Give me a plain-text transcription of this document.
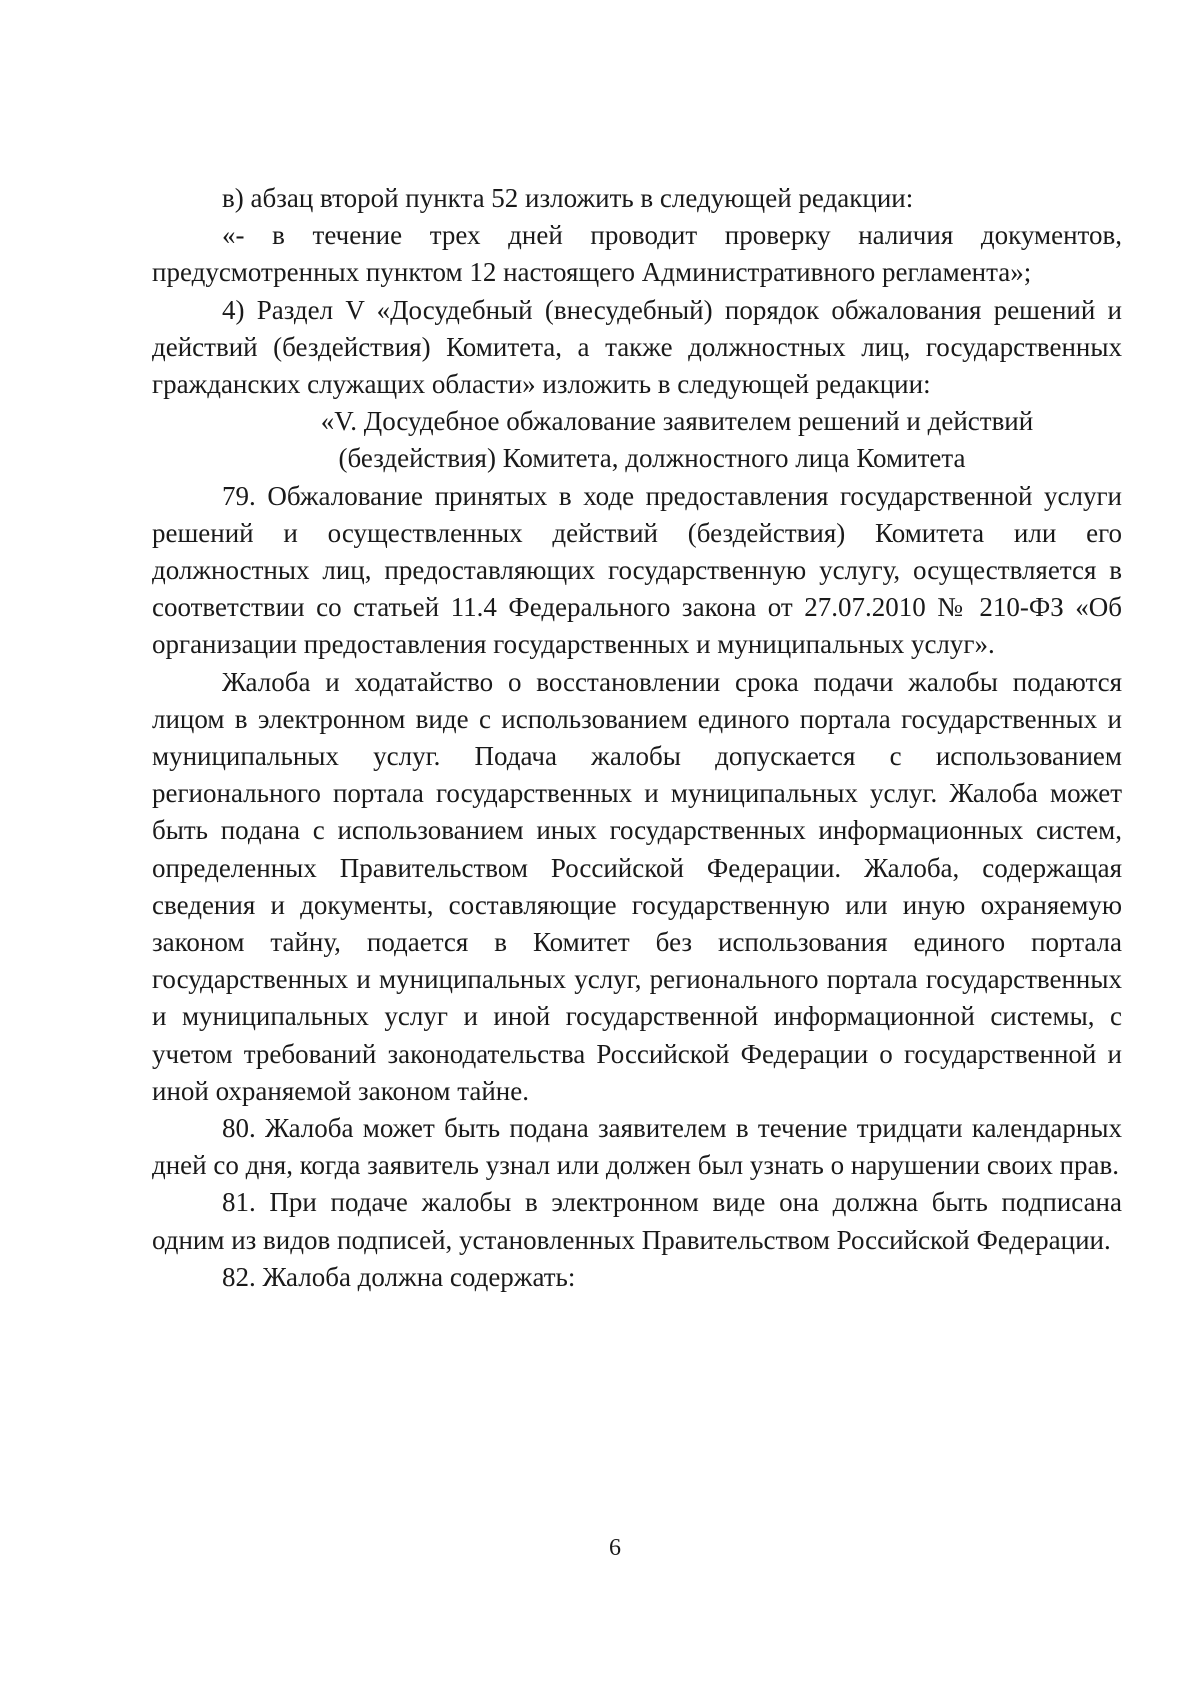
в) абзац второй пункта 52 изложить в следующей редакции:

«- в течение трех дней проводит проверку наличия документов, предусмотренных пунктом 12 настоящего Административного регламента»;

4) Раздел V «Досудебный (внесудебный) порядок обжалования решений и действий (бездействия) Комитета, а также должностных лиц, государственных гражданских служащих области» изложить в следующей редакции:

«V. Досудебное обжалование заявителем решений и действий

(бездействия) Комитета, должностного лица Комитета

79. Обжалование принятых в ходе предоставления государственной услуги решений и осуществленных действий (бездействия) Комитета или его должностных лиц, предоставляющих государственную услугу, осуществляется в соответствии со статьей 11.4 Федерального закона от 27.07.2010 № 210-ФЗ «Об организации предоставления государственных и муниципальных услуг».

Жалоба и ходатайство о восстановлении срока подачи жалобы подаются лицом в электронном виде с использованием единого портала государственных и муниципальных услуг. Подача жалобы допускается с использованием регионального портала государственных и муниципальных услуг. Жалоба может быть подана с использованием иных государственных информационных систем, определенных Правительством Российской Федерации. Жалоба, содержащая сведения и документы, составляющие государственную или иную охраняемую законом тайну, подается в Комитет без использования единого портала государственных и муниципальных услуг, регионального портала государственных и муниципальных услуг и иной государственной информационной системы, с учетом требований законодательства Российской Федерации о государственной и иной охраняемой законом тайне.

80. Жалоба может быть подана заявителем в течение тридцати календарных дней со дня, когда заявитель узнал или должен был узнать о нарушении своих прав.

81. При подаче жалобы в электронном виде она должна быть подписана одним из видов подписей, установленных Правительством Российской Федерации.

82. Жалоба должна содержать:

6
